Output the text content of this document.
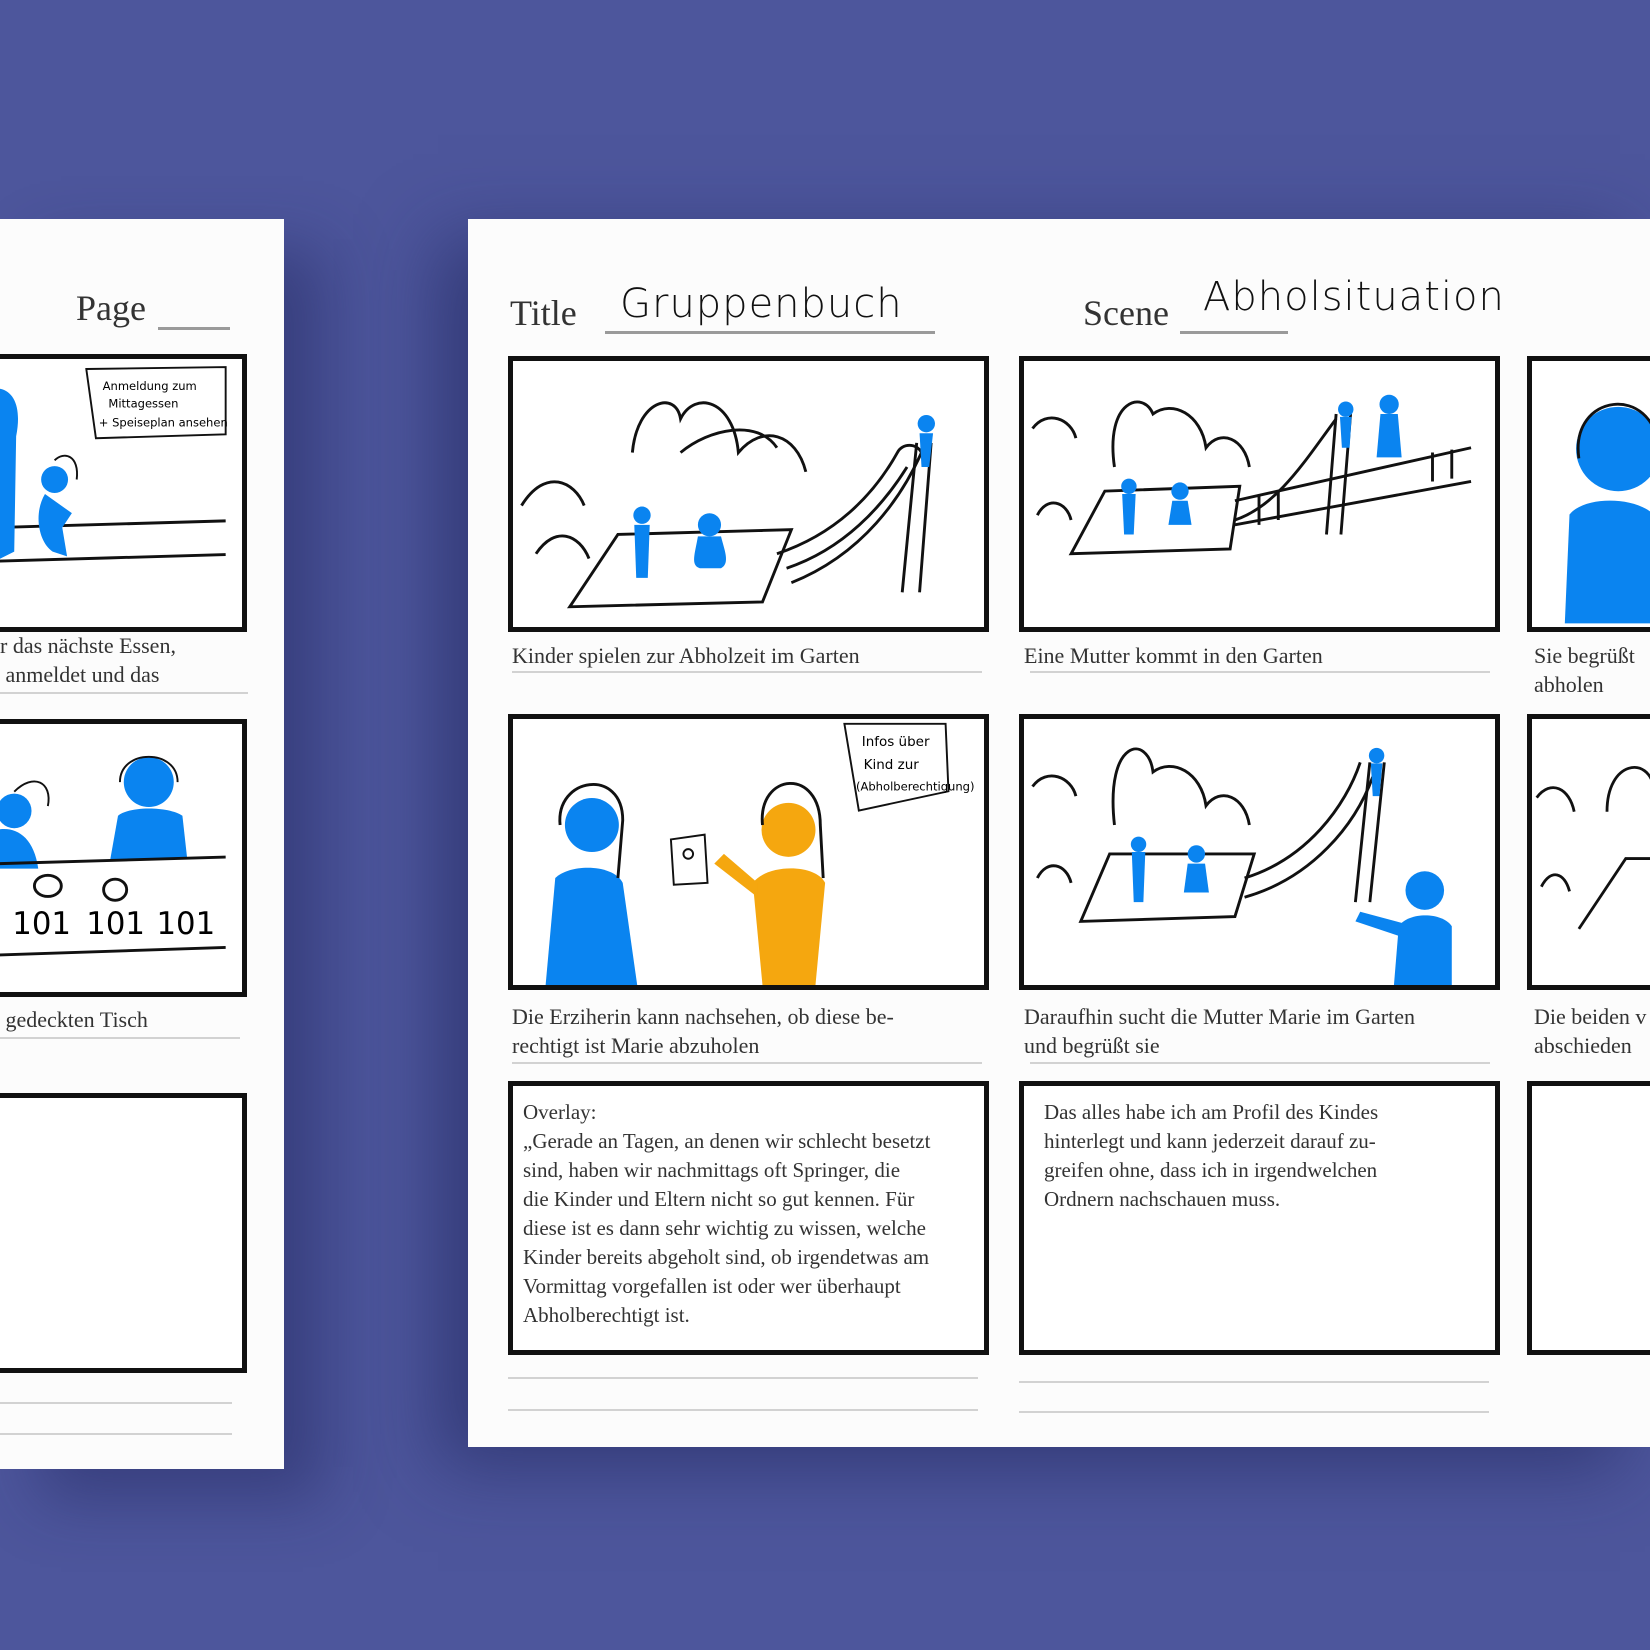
Page
Anmeldung zum
Mittagessen
+ Speiseplan ansehen
r das nächste Essen,
anmeldet und das
101 101 101
gedeckten Tisch
Title Gruppenbuch	Scene Abholsituation
Kinder spielen zur Abholzeit im Garten	Eine Mutter kommt in den Garten	Sie begrüßt
abholen
Infos über
Kind zur
(Abholberechtigung)
Die Erziherin kann nachsehen, ob diese be-
rechtigt ist Marie abzuholen
Daraufhin sucht die Mutter Marie im Garten
und begrüßt sie
Die beiden v
abschieden
Overlay:
„Gerade an Tagen, an denen wir schlecht besetzt
sind, haben wir nachmittags oft Springer, die
die Kinder und Eltern nicht so gut kennen. Für
diese ist es dann sehr wichtig zu wissen, welche
Kinder bereits abgeholt sind, ob irgendetwas am
Vormittag vorgefallen ist oder wer überhaupt
Abholberechtigt ist.
Das alles habe ich am Profil des Kindes
hinterlegt und kann jederzeit darauf zu-
greifen ohne, dass ich in irgendwelchen
Ordnern nachschauen muss.
